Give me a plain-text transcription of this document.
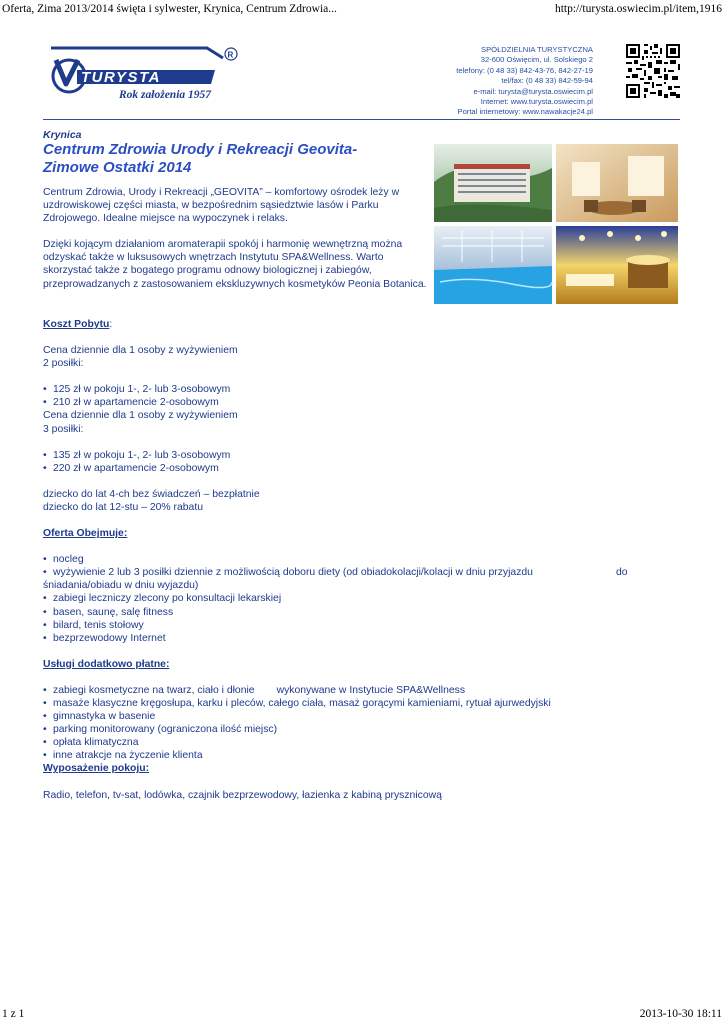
Oferta, Zima 2013/2014 święta i sylwester, Krynica, Centrum Zdrowia...	http://turysta.oswiecim.pl/item,1916
1 z 1	2013-10-30 18:11
TURYSTA
R
Rok założenia 1957
SPÓŁDZIELNIA TURYSTYCZNA
32-600 Oświęcim, ul. Solskiego 2
telefony: (0 48 33) 842-43-76, 842-27-19
tel/fax: (0 48 33) 842-59-94
e-mail: turysta@turysta.oswiecim.pl
Internet: www.turysta.oswiecim.pl
Portal internetowy: www.nawakacje24.pl
Krynica
Centrum Zdrowia Urody i Rekreacji Geovita- Zimowe Ostatki 2014

Centrum Zdrowia, Urody i Rekreacji „GEOVITA” – komfortowy ośrodek leży w uzdrowiskowej części miasta, w bezpośrednim sąsiedztwie lasów i Parku Zdrojowego. Idealne miejsce na wypoczynek i relaks.

Dzięki kojącym działaniom aromaterapii spokój i harmonię wewnętrzną można odzyskać także w luksusowych wnętrzach Instytutu SPA&Wellness. Warto skorzystać także z bogatego programu odnowy biologicznej i zabiegów, przeprowadzanych z zastosowaniem ekskluzywnych kosmetyków Peonia Botanica.

Koszt Pobytu:

Cena dziennie dla 1 osoby z wyżywieniem

2 posiłki:

• 125 zł w pokoju 1-, 2- lub 3-osobowym
• 210 zł w apartamencie 2-osobowym

Cena dziennie dla 1 osoby z wyżywieniem

3 posiłki:

• 135 zł w pokoju 1-, 2- lub 3-osobowym
• 220 zł w apartamencie 2-osobowym

dziecko do lat 4-ch bez świadczeń – bezpłatnie

dziecko do lat 12-stu – 20% rabatu

Oferta Obejmuje:

• nocleg
• wyżywienie 2 lub 3 posiłki dziennie z możliwością doboru diety (od obiadokolacji/kolacji w dniu przyjazdu	do
śniadania/obiadu w dniu wyjazdu)
• zabiegi leczniczy zlecony po konsultacji lekarskiej
• basen, saunę, salę fitness
• bilard, tenis stołowy
• bezprzewodowy Internet

Usługi dodatkowo płatne:

• zabiegi kosmetyczne na twarz, ciało i dłonie wykonywane w Instytucie SPA&Wellness
• masaże klasyczne kręgosłupa, karku i pleców, całego ciała, masaż gorącymi kamieniami, rytuał ajurwedyjski
• gimnastyka w basenie
• parking monitorowany (ograniczona ilość miejsc)
• opłata klimatyczna
• inne atrakcje na życzenie klienta

Wyposażenie pokoju:

Radio, telefon, tv-sat, lodówka, czajnik bezprzewodowy, łazienka z kabiną prysznicową
